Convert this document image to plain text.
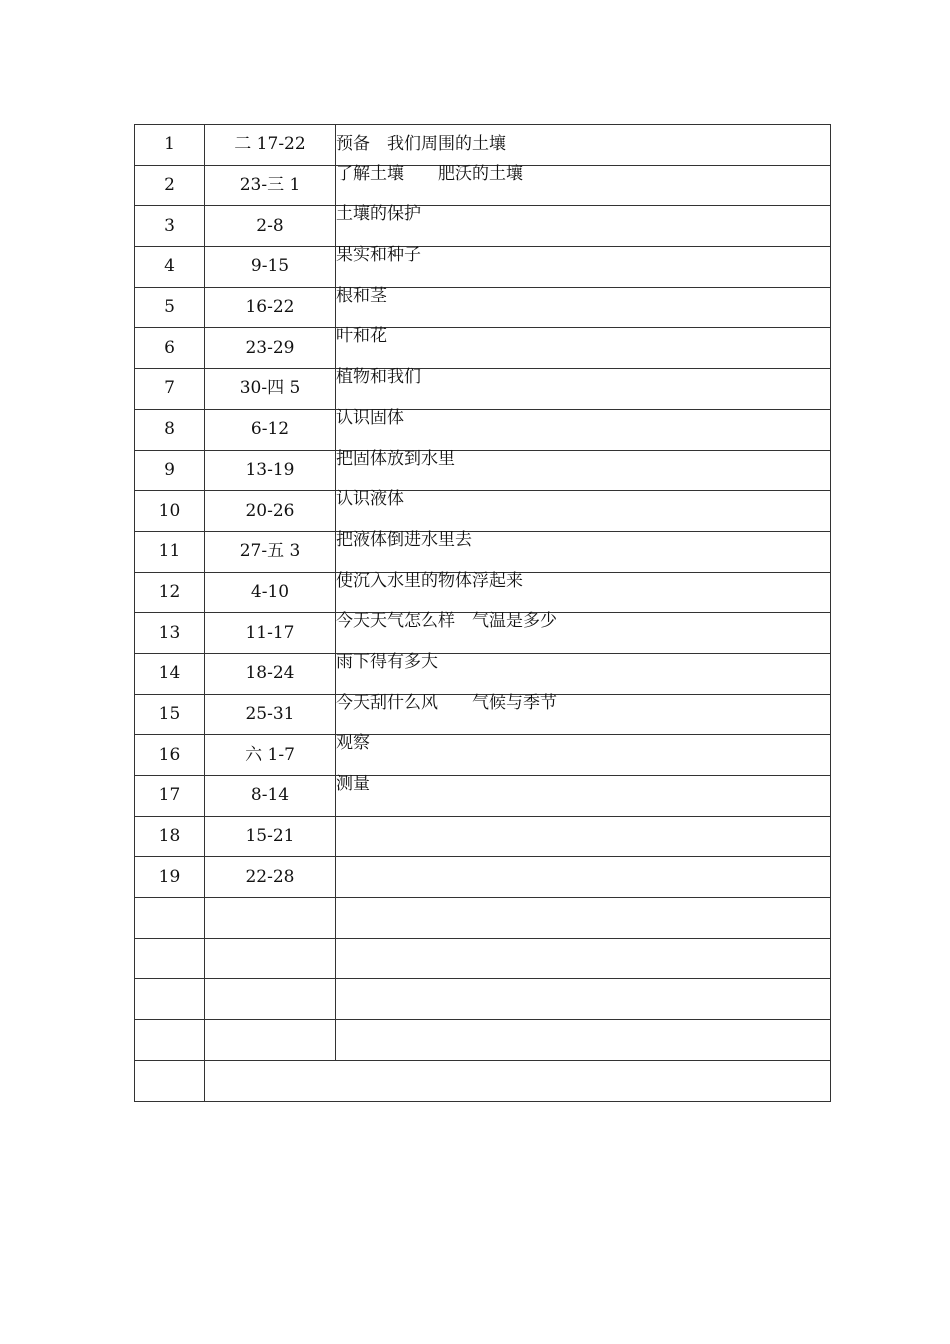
1	二 17-22	预备　我们周围的土壤
2	23-三 1	了解土壤　　肥沃的土壤
3	2-8	土壤的保护
4	9-15	果实和种子
5	16-22	根和茎
6	23-29	叶和花
7	30-四 5	植物和我们
8	6-12	认识固体
9	13-19	把固体放到水里
10	20-26	认识液体
11	27-五 3	把液体倒进水里去
12	4-10	使沉入水里的物体浮起来
13	11-17	今天天气怎么样　气温是多少
14	18-24	雨下得有多大
15	25-31	今天刮什么风　　气候与季节
16	六 1-7	观察
17	8-14	测量
18	15-21	
19	22-28	
